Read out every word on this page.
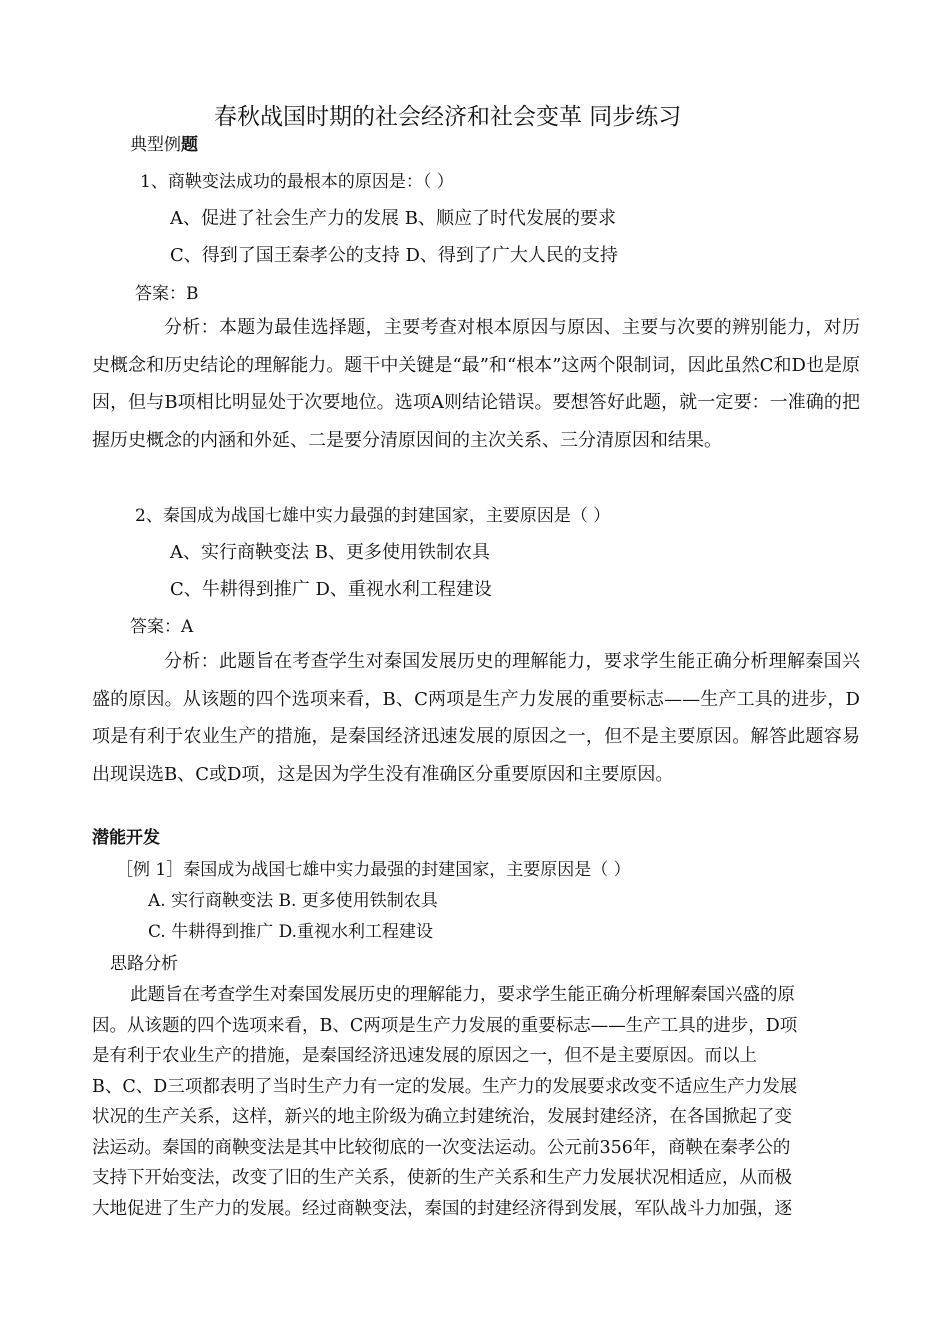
春秋战国时期的社会经济和社会变革 同步练习
典型例题
1、商鞅变法成功的最根本的原因是：（ ）
A、促进了社会生产力的发展 B、顺应了时代发展的要求
C、得到了国王秦孝公的支持 D、得到了广大人民的支持
答案：B
分析：本题为最佳选择题，主要考查对根本原因与原因、主要与次要的辨别能力，对历史概念和历史结论的理解能力。题干中关键是“最”和“根本”这两个限制词，因此虽然C和D也是原因，但与B项相比明显处于次要地位。选项A则结论错误。要想答好此题，就一定要：一准确的把握历史概念的内涵和外延、二是要分清原因间的主次关系、三分清原因和结果。
2、秦国成为战国七雄中实力最强的封建国家，主要原因是（ ）
A、实行商鞅变法 B、更多使用铁制农具
C、牛耕得到推广 D、重视水利工程建设
答案：A
分析：此题旨在考查学生对秦国发展历史的理解能力，要求学生能正确分析理解秦国兴盛的原因。从该题的四个选项来看，B、C两项是生产力发展的重要标志——生产工具的进步，D项是有利于农业生产的措施，是秦国经济迅速发展的原因之一，但不是主要原因。解答此题容易出现误选B、C或D项，这是因为学生没有准确区分重要原因和主要原因。
潜能开发
［例 1］秦国成为战国七雄中实力最强的封建国家，主要原因是（ ）
A. 实行商鞅变法 B. 更多使用铁制农具
C. 牛耕得到推广 D.重视水利工程建设
思路分析
此题旨在考查学生对秦国发展历史的理解能力，要求学生能正确分析理解秦国兴盛的原
因。从该题的四个选项来看，B、C两项是生产力发展的重要标志——生产工具的进步，D项
是有利于农业生产的措施，是秦国经济迅速发展的原因之一，但不是主要原因。而以上
B、C、D三项都表明了当时生产力有一定的发展。生产力的发展要求改变不适应生产力发展
状况的生产关系，这样，新兴的地主阶级为确立封建统治，发展封建经济，在各国掀起了变
法运动。秦国的商鞅变法是其中比较彻底的一次变法运动。公元前356年，商鞅在秦孝公的
支持下开始变法，改变了旧的生产关系，使新的生产关系和生产力发展状况相适应，从而极
大地促进了生产力的发展。经过商鞅变法，秦国的封建经济得到发展，军队战斗力加强，逐
